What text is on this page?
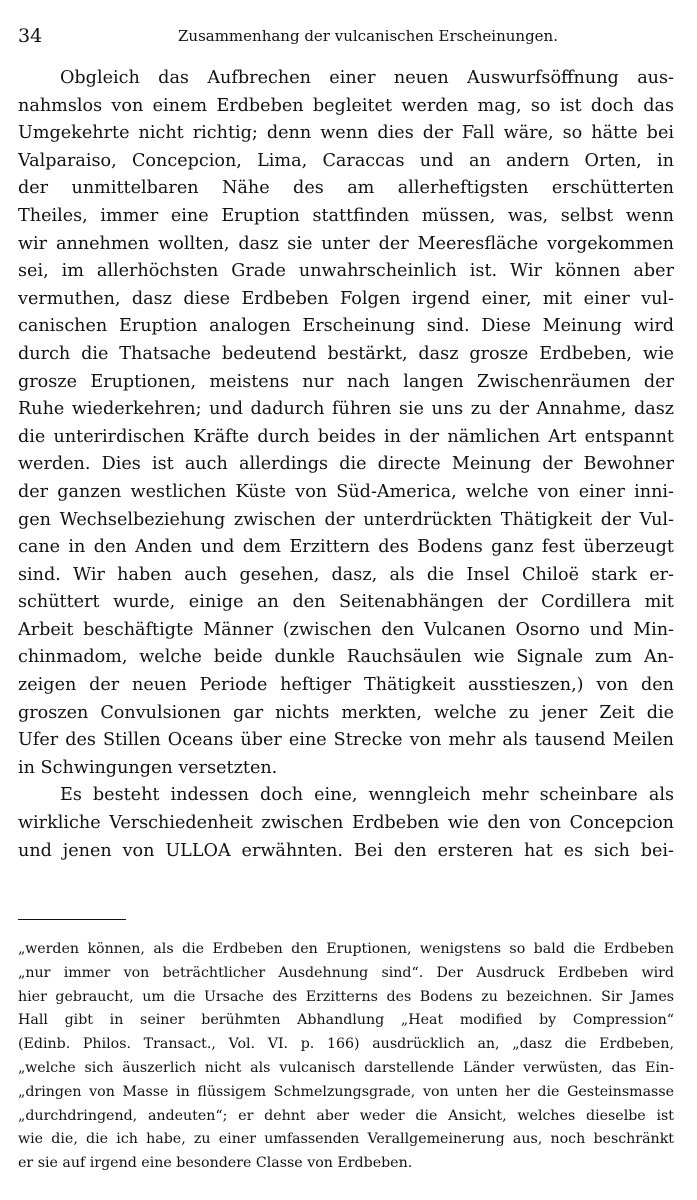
34	Zusammenhang der vulcanischen Erscheinungen.
Obgleich das Aufbrechen einer neuen Auswurfsöffnung aus-
nahmslos von einem Erdbeben begleitet werden mag, so ist doch das
Umgekehrte nicht richtig; denn wenn dies der Fall wäre, so hätte bei
Valparaiso, Concepcion, Lima, Caraccas und an andern Orten, in
der unmittelbaren Nähe des am allerheftigsten erschütterten
Theiles, immer eine Eruption stattfinden müssen, was, selbst wenn
wir annehmen wollten, dasz sie unter der Meeresfläche vorgekommen
sei, im allerhöchsten Grade unwahrscheinlich ist. Wir können aber
vermuthen, dasz diese Erdbeben Folgen irgend einer, mit einer vul-
canischen Eruption analogen Erscheinung sind. Diese Meinung wird
durch die Thatsache bedeutend bestärkt, dasz grosze Erdbeben, wie
grosze Eruptionen, meistens nur nach langen Zwischenräumen der
Ruhe wiederkehren; und dadurch führen sie uns zu der Annahme, dasz
die unterirdischen Kräfte durch beides in der nämlichen Art entspannt
werden. Dies ist auch allerdings die directe Meinung der Bewohner
der ganzen westlichen Küste von Süd-America, welche von einer inni-
gen Wechselbeziehung zwischen der unterdrückten Thätigkeit der Vul-
cane in den Anden und dem Erzittern des Bodens ganz fest überzeugt
sind. Wir haben auch gesehen, dasz, als die Insel Chiloë stark er-
schüttert wurde, einige an den Seitenabhängen der Cordillera mit
Arbeit beschäftigte Männer (zwischen den Vulcanen Osorno und Min-
chinmadom, welche beide dunkle Rauchsäulen wie Signale zum An-
zeigen der neuen Periode heftiger Thätigkeit ausstieszen,) von den
groszen Convulsionen gar nichts merkten, welche zu jener Zeit die
Ufer des Stillen Oceans über eine Strecke von mehr als tausend Meilen
in Schwingungen versetzten.
Es besteht indessen doch eine, wenngleich mehr scheinbare als
wirkliche Verschiedenheit zwischen Erdbeben wie den von Concepcion
und jenen von ULLOA erwähnten. Bei den ersteren hat es sich bei-
„werden können, als die Erdbeben den Eruptionen, wenigstens so bald die Erdbeben
„nur immer von beträchtlicher Ausdehnung sind“. Der Ausdruck Erdbeben wird
hier gebraucht, um die Ursache des Erzitterns des Bodens zu bezeichnen. Sir James
Hall gibt in seiner berühmten Abhandlung „Heat modified by Compression“
(Edinb. Philos. Transact., Vol. VI. p. 166) ausdrücklich an, „dasz die Erdbeben,
„welche sich äuszerlich nicht als vulcanisch darstellende Länder verwüsten, das Ein-
„dringen von Masse in flüssigem Schmelzungsgrade, von unten her die Gesteinsmasse
„durchdringend, andeuten“; er dehnt aber weder die Ansicht, welches dieselbe ist
wie die, die ich habe, zu einer umfassenden Verallgemeinerung aus, noch beschränkt
er sie auf irgend eine besondere Classe von Erdbeben.
